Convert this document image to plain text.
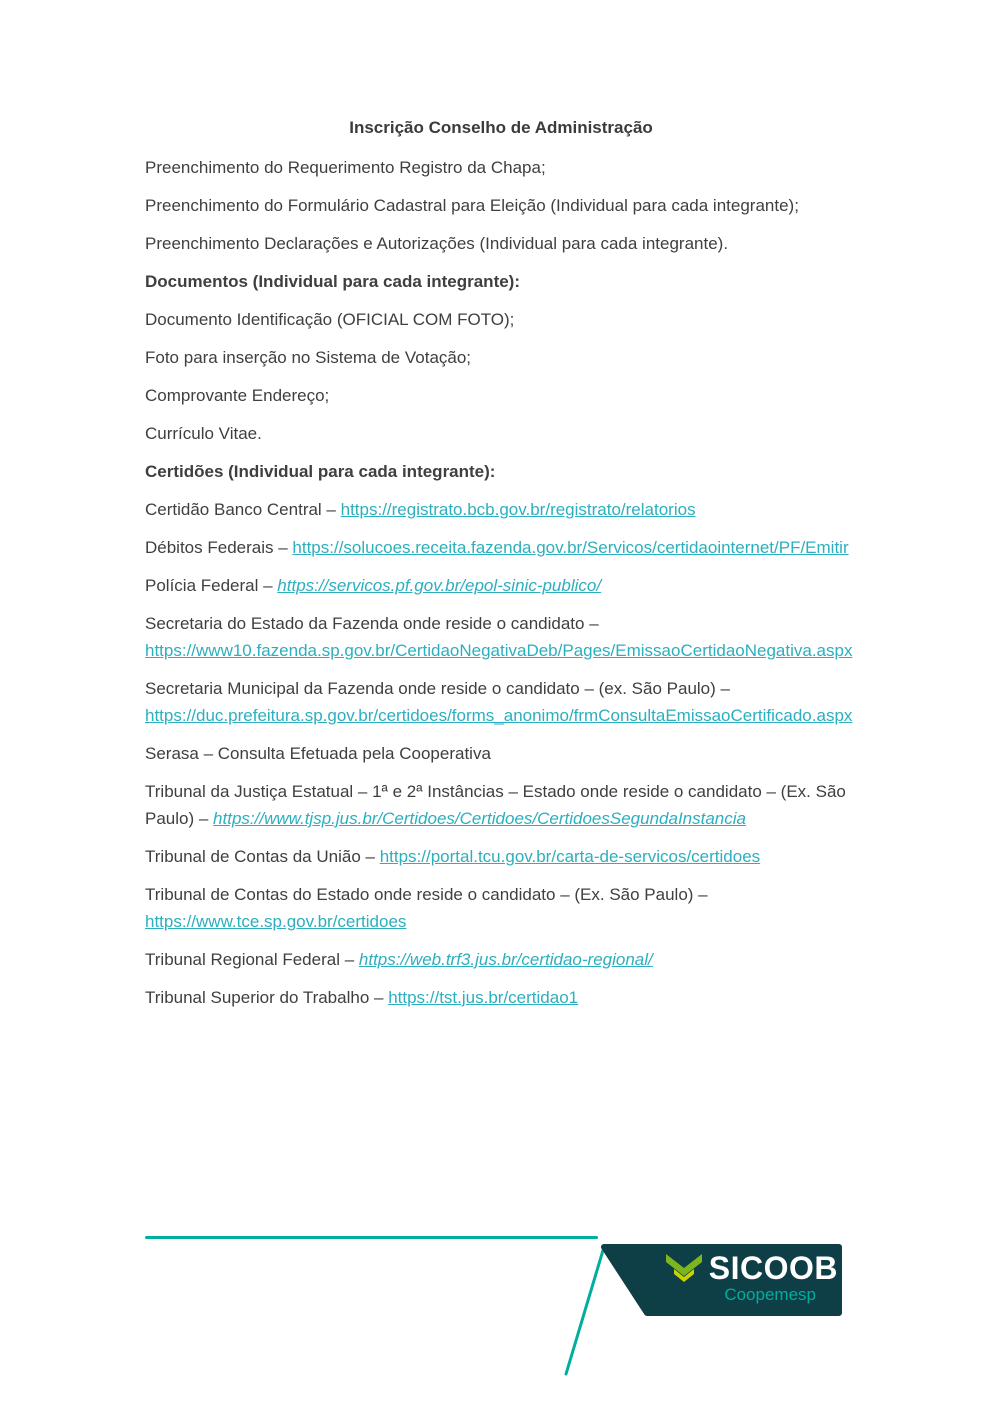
Inscrição Conselho de Administração

Preenchimento do Requerimento Registro da Chapa;

Preenchimento do Formulário Cadastral para Eleição (Individual para cada integrante);

Preenchimento Declarações e Autorizações (Individual para cada integrante).

Documentos (Individual para cada integrante):

Documento Identificação (OFICIAL COM FOTO);

Foto para inserção no Sistema de Votação;

Comprovante Endereço;

Currículo Vitae.

Certidões (Individual para cada integrante):

Certidão Banco Central – https://registrato.bcb.gov.br/registrato/relatorios

Débitos Federais – https://solucoes.receita.fazenda.gov.br/Servicos/certidaointernet/PF/Emitir

Polícia Federal – https://servicos.pf.gov.br/epol-sinic-publico/

Secretaria do Estado da Fazenda onde reside o candidato – https://www10.fazenda.sp.gov.br/CertidaoNegativaDeb/Pages/EmissaoCertidaoNegativa.aspx

Secretaria Municipal da Fazenda onde reside o candidato – (ex. São Paulo) – https://duc.prefeitura.sp.gov.br/certidoes/forms_anonimo/frmConsultaEmissaoCertificado.aspx

Serasa – Consulta Efetuada pela Cooperativa

Tribunal da Justiça Estatual – 1ª e 2ª Instâncias – Estado onde reside o candidato – (Ex. São Paulo) – https://www.tjsp.jus.br/Certidoes/Certidoes/CertidoesSegundaInstancia

Tribunal de Contas da União – https://portal.tcu.gov.br/carta-de-servicos/certidoes

Tribunal de Contas do Estado onde reside o candidato – (Ex. São Paulo) – https://www.tce.sp.gov.br/certidoes

Tribunal Regional Federal – https://web.trf3.jus.br/certidao-regional/

Tribunal Superior do Trabalho – https://tst.jus.br/certidao1

SICOOB
Coopemesp
